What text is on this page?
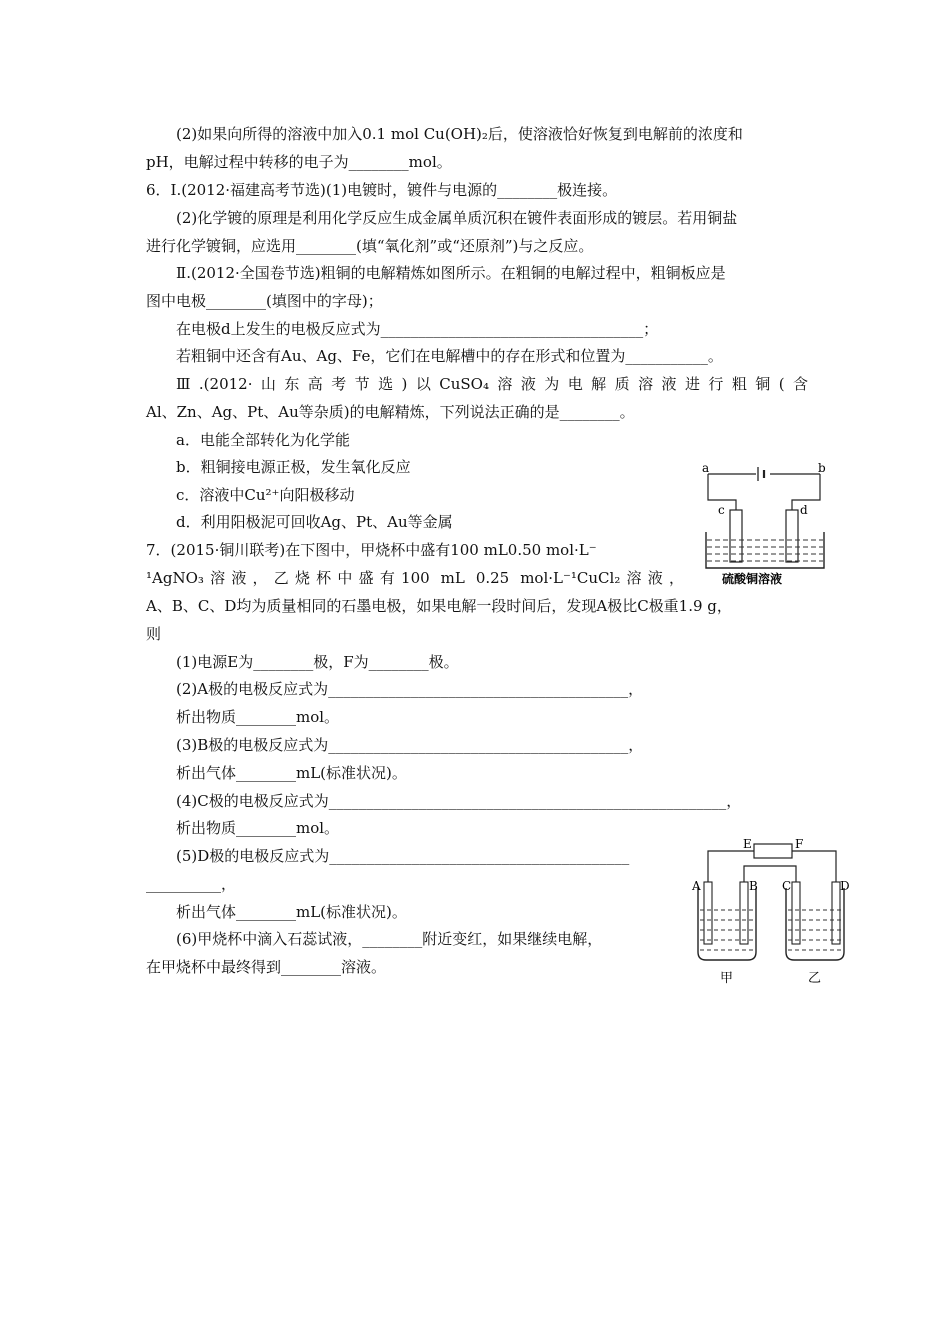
(2)如果向所得的溶液中加入0.1 mol Cu(OH)₂后，使溶液恰好恢复到电解前的浓度和
pH，电解过程中转移的电子为________mol。
6．Ⅰ.(2012·福建高考节选)(1)电镀时，镀件与电源的________极连接。
(2)化学镀的原理是利用化学反应生成金属单质沉积在镀件表面形成的镀层。若用铜盐
进行化学镀铜，应选用________(填“氧化剂”或“还原剂”)与之反应。
Ⅱ.(2012·全国卷节选)粗铜的电解精炼如图所示。在粗铜的电解过程中，粗铜板应是
图中电极________(填图中的字母)；
在电极d上发生的电极反应式为___________________________________；
若粗铜中还含有Au、Ag、Fe，它们在电解槽中的存在形式和位置为___________。
Ⅲ.(2012·山东高考节选)以CuSO₄溶液为电解质溶液进行粗铜(含
Al、Zn、Ag、Pt、Au等杂质)的电解精炼，下列说法正确的是________。
a．电能全部转化为化学能
b．粗铜接电源正极，发生氧化反应
c．溶液中Cu²⁺向阳极移动
d．利用阳极泥可回收Ag、Pt、Au等金属
7．(2015·铜川联考)在下图中，甲烧杯中盛有100 mL0.50 mol·L⁻
¹AgNO₃溶液，乙烧杯中盛有100 mL 0.25 mol·L⁻¹CuCl₂溶液，
A、B、C、D均为质量相同的石墨电极，如果电解一段时间后，发现A极比C极重1.9 g，
则
(1)电源E为________极，F为________极。
(2)A极的电极反应式为________________________________________，
析出物质________mol。
(3)B极的电极反应式为________________________________________，
析出气体________mL(标准状况)。
(4)C极的电极反应式为_____________________________________________________，
析出物质________mol。
(5)D极的电极反应式为________________________________________
__________，
析出气体________mL(标准状况)。
(6)甲烧杯中滴入石蕊试液，________附近变红，如果继续电解，
在甲烧杯中最终得到________溶液。
a	b
c	d
硫酸铜溶液
E	F
A	B C	D
甲	乙
